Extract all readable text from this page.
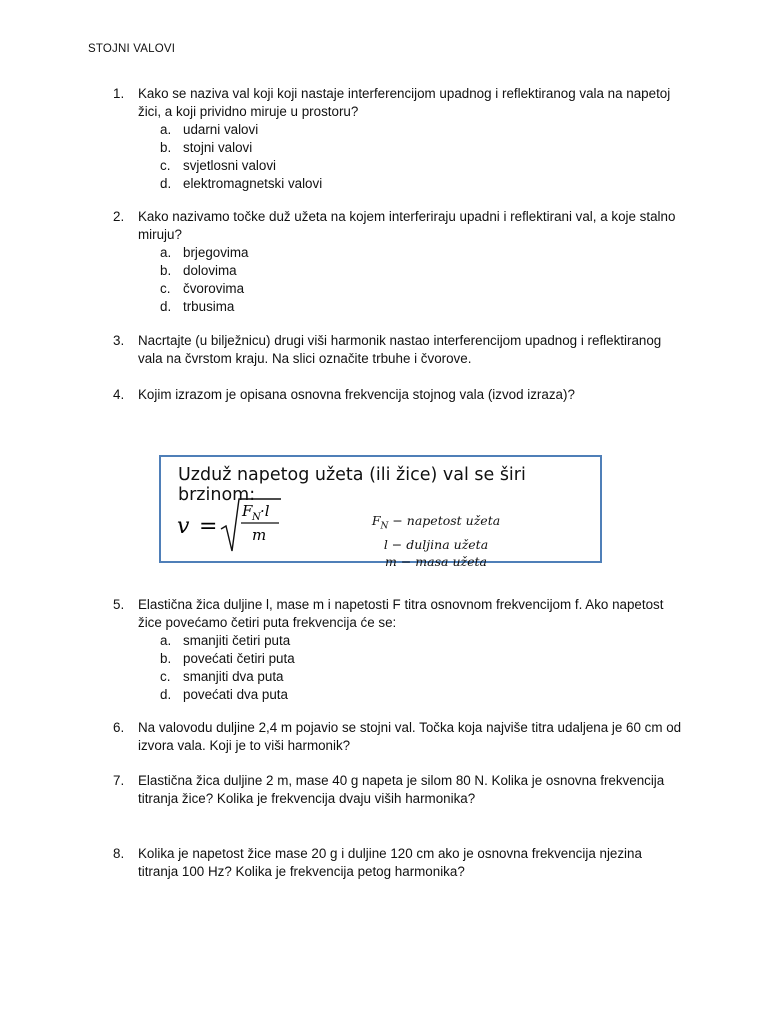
STOJNI VALOVI
1. Kako se naziva val koji koji nastaje interferencijom upadnog i reflektiranog vala na napetoj žici, a koji prividno miruje u prostoru?
a. udarni valovi
b. stojni valovi
c. svjetlosni valovi
d. elektromagnetski valovi
2. Kako nazivamo točke duž užeta na kojem interferiraju upadni i reflektirani val, a koje stalno miruju?
a. brjegovima
b. dolovima
c. čvorovima
d. trbusima
3. Nacrtajte (u bilježnicu) drugi viši harmonik nastao interferencijom upadnog i reflektiranog vala na čvrstom kraju. Na slici označite trbuhe i čvorove.
4. Kojim izrazom je opisana osnovna frekvencija stojnog vala (izvod izraza)?
Uzduž napetog užeta (ili žice) val se širi brzinom:
v =
F N ·l
m
$F_N$ − napetost užeta
l − duljina užeta
m − masa užeta
5. Elastična žica duljine l, mase m i napetosti F titra osnovnom frekvencijom f. Ako napetost žice povećamo četiri puta frekvencija će se:
a. smanjiti četiri puta
b. povećati četiri puta
c. smanjiti dva puta
d. povećati dva puta
6. Na valovodu duljine 2,4 m pojavio se stojni val. Točka koja najviše titra udaljena je 60 cm od izvora vala. Koji je to viši harmonik?
7. Elastična žica duljine 2 m, mase 40 g napeta je silom 80 N. Kolika je osnovna frekvencija titranja žice? Kolika je frekvencija dvaju viših harmonika?
8. Kolika je napetost žice mase 20 g i duljine 120 cm ako je osnovna frekvencija njezina titranja 100 Hz? Kolika je frekvencija petog harmonika?
